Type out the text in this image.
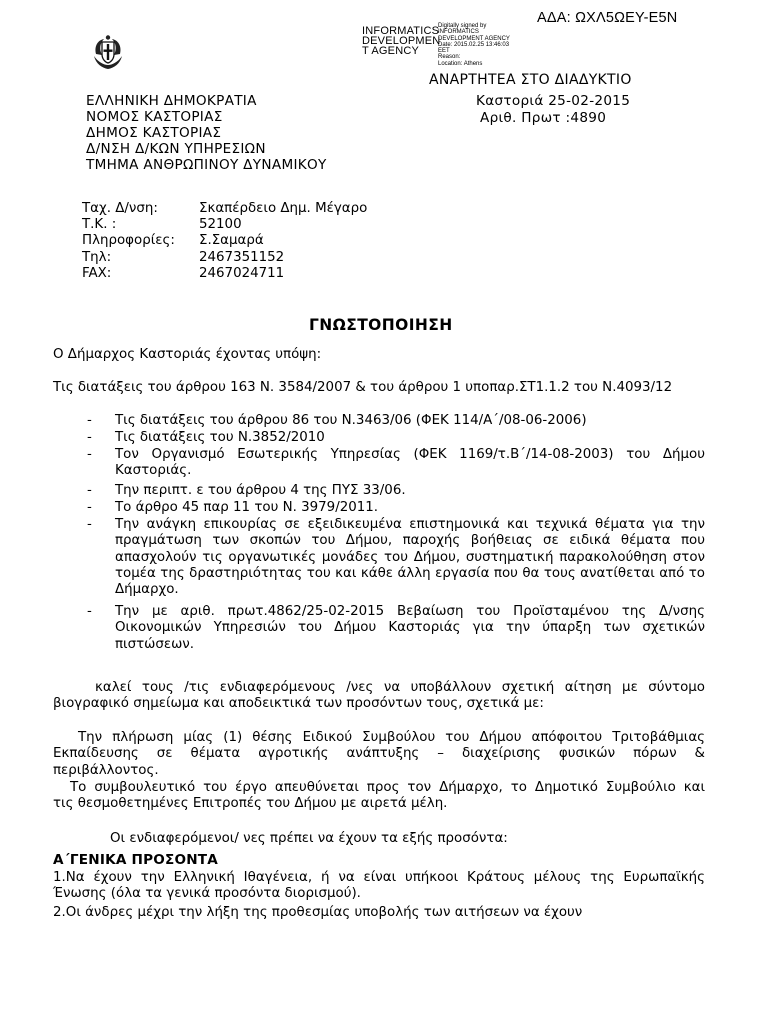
ΑΔΑ: ΩΧΛ5ΩΕΥ-Ε5Ν
INFORMATICS
DEVELOPMEN
T AGENCY
Digitally signed by
INFORMATICS
DEVELOPMENT AGENCY
Date: 2015.02.25 13:46:03
EET
Reason:
Location: Athens
ΑΝΑΡΤΗΤΕΑ ΣΤΟ ΔΙΑΔΥΚΤΙΟ
ΕΛΛΗΝΙΚΗ ΔΗΜΟΚΡΑΤΙΑ
ΝΟΜΟΣ ΚΑΣΤΟΡΙΑΣ
ΔΗΜΟΣ ΚΑΣΤΟΡΙΑΣ
Δ/ΝΣΗ Δ/ΚΩΝ ΥΠΗΡΕΣΙΩΝ
ΤΜΗΜΑ ΑΝΘΡΩΠΙΝΟΥ ΔΥΝΑΜΙΚΟΥ
Καστοριά 25-02-2015
Αριθ. Πρωτ :4890
Ταχ. Δ/νση:	Σκαπέρδειο Δημ. Μέγαρο
Τ.Κ. :	52100
Πληροφορίες: Σ.Σαμαρά
Τηλ:	2467351152
FAX:	2467024711
ΓΝΩΣΤΟΠΟΙΗΣΗ
Ο Δήμαρχος Καστοριάς έχοντας υπόψη:
Τις διατάξεις του άρθρου 163 Ν. 3584/2007 & του άρθρου 1 υποπαρ.ΣΤ1.1.2 του Ν.4093/12
- Τις διατάξεις του άρθρου 86 του Ν.3463/06 (ΦΕΚ 114/Α΄/08-06-2006)
- Τις διατάξεις του Ν.3852/2010
- Τον Οργανισμό Εσωτερικής Υπηρεσίας (ΦΕΚ 1169/τ.Β΄/14-08-2003) του Δήμου
Καστοριάς.
- Την περιπτ. ε του άρθρου 4 της ΠΥΣ 33/06.
- Το άρθρο 45 παρ 11 του Ν. 3979/2011.
- Την ανάγκη επικουρίας σε εξειδικευμένα επιστημονικά και τεχνικά θέματα για την
πραγμάτωση των σκοπών του Δήμου, παροχής βοήθειας σε ειδικά θέματα που
απασχολούν τις οργανωτικές μονάδες του Δήμου, συστηματική παρακολούθηση στον
τομέα της δραστηριότητας του και κάθε άλλη εργασία που θα τους ανατίθεται από το
Δήμαρχο.
- Την με αριθ. πρωτ.4862/25-02-2015 Βεβαίωση του Προϊσταμένου της Δ/νσης
Οικονομικών Υπηρεσιών του Δήμου Καστοριάς για την ύπαρξη των σχετικών
πιστώσεων.
καλεί τους /τις ενδιαφερόμενους /νες να υποβάλλουν σχετική αίτηση με σύντομο
βιογραφικό σημείωμα και αποδεικτικά των προσόντων τους, σχετικά με:
Την πλήρωση μίας (1) θέσης Ειδικού Συμβούλου του Δήμου απόφοιτου Τριτοβάθμιας
Εκπαίδευσης σε θέματα αγροτικής ανάπτυξης – διαχείρισης φυσικών πόρων &
περιβάλλοντος.
Το συμβουλευτικό του έργο απευθύνεται προς τον Δήμαρχο, το Δημοτικό Συμβούλιο και
τις θεσμοθετημένες Επιτροπές του Δήμου με αιρετά μέλη.
Οι ενδιαφερόμενοι/ νες πρέπει να έχουν τα εξής προσόντα:
Α΄ΓΕΝΙΚΑ ΠΡΟΣΟΝΤΑ
1.Να έχουν την Ελληνική Ιθαγένεια, ή να είναι υπήκοοι Κράτους μέλους της Ευρωπαϊκής
Ένωσης (όλα τα γενικά προσόντα διορισμού).
2.Οι άνδρες μέχρι την λήξη της προθεσμίας υποβολής των αιτήσεων να έχουν
